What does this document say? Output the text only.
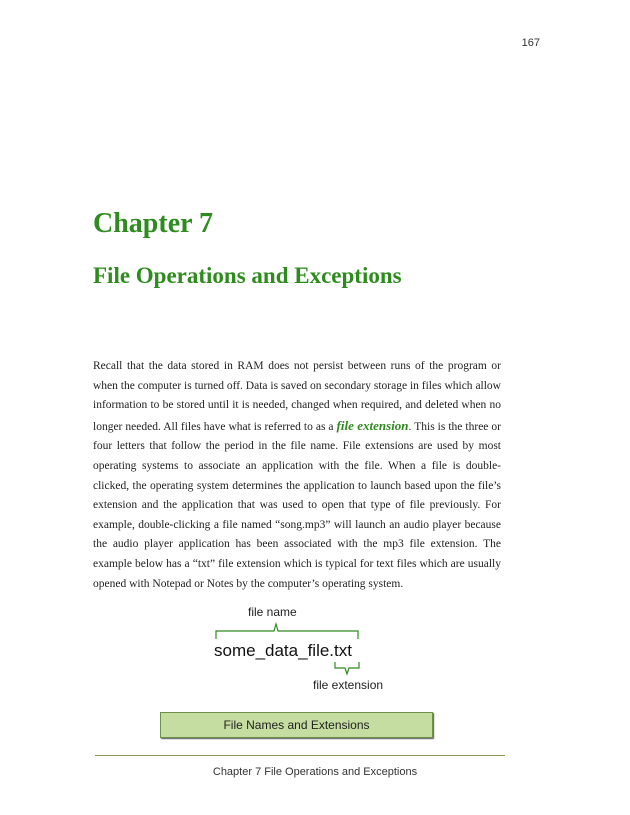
167
Chapter 7
File Operations and Exceptions

Recall that the data stored in RAM does not persist between runs of the program or when the computer is turned off. Data is saved on secondary storage in files which allow information to be stored until it is needed, changed when required, and deleted when no longer needed. All files have what is referred to as a file extension. This is the three or four letters that follow the period in the file name. File extensions are used by most operating systems to associate an application with the file. When a file is double-clicked, the operating system determines the application to launch based upon the file’s extension and the application that was used to open that type of file previously. For example, double-clicking a file named “song.mp3” will launch an audio player because the audio player application has been associated with the mp3 file extension. The example below has a “txt” file extension which is typical for text files which are usually opened with Notepad or Notes by the computer’s operating system.

file name
some_data_file.txt
file extension
File Names and Extensions
Chapter 7 File Operations and Exceptions
